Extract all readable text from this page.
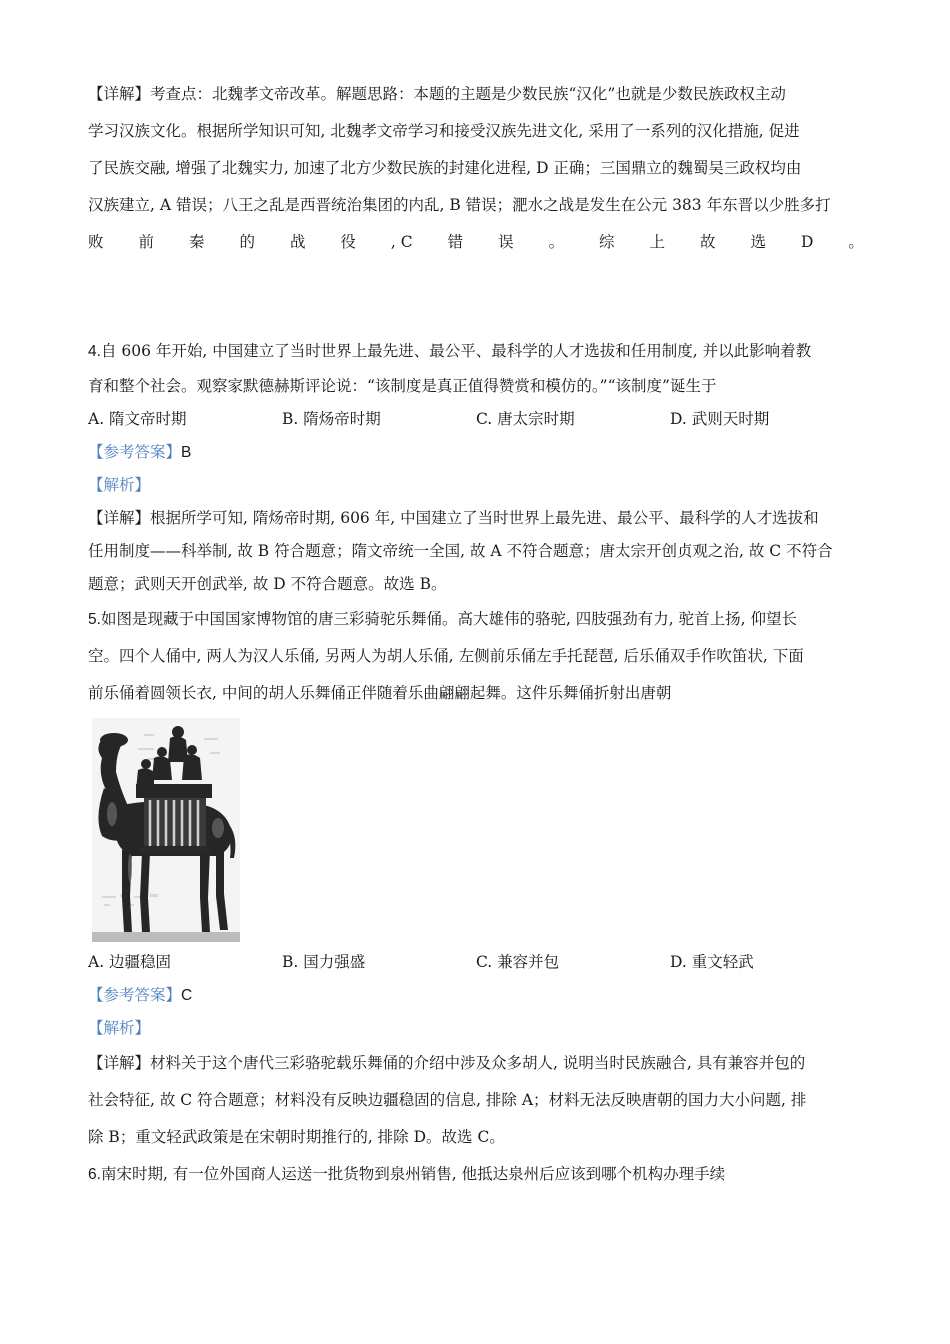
【详解】考查点：北魏孝文帝改革。解题思路：本题的主题是少数民族“汉化”也就是少数民族政权主动

学习汉族文化。根据所学知识可知, 北魏孝文帝学习和接受汉族先进文化, 采用了一系列的汉化措施, 促进

了民族交融, 增强了北魏实力, 加速了北方少数民族的封建化进程, D 正确；三国鼎立的魏蜀吴三政权均由

汉族建立, A 错误；八王之乱是西晋统治集团的内乱, B 错误；淝水之战是发生在公元 383 年东晋以少胜多打

败 前 秦 的 战 役 , C 错 误 。 综 上 故 选 D 。

4.自 606 年开始, 中国建立了当时世界上最先进、最公平、最科学的人才选拔和任用制度, 并以此影响着教

育和整个社会。观察家默德赫斯评论说：“该制度是真正值得赞赏和模仿的。”“该制度”诞生于

A. 隋文帝时期	B. 隋炀帝时期	C. 唐太宗时期	D. 武则天时期

【参考答案】B

【解析】

【详解】根据所学可知, 隋炀帝时期, 606 年, 中国建立了当时世界上最先进、最公平、最科学的人才选拔和

任用制度——科举制, 故 B 符合题意；隋文帝统一全国, 故 A 不符合题意；唐太宗开创贞观之治, 故 C 不符合

题意；武则天开创武举, 故 D 不符合题意。故选 B。

5.如图是现藏于中国国家博物馆的唐三彩骑驼乐舞俑。高大雄伟的骆驼, 四肢强劲有力, 驼首上扬, 仰望长

空。四个人俑中, 两人为汉人乐俑, 另两人为胡人乐俑, 左侧前乐俑左手托琵琶, 后乐俑双手作吹笛状, 下面

前乐俑着圆领长衣, 中间的胡人乐舞俑正伴随着乐曲翩翩起舞。这件乐舞俑折射出唐朝

A. 边疆稳固	B. 国力强盛	C. 兼容并包	D. 重文轻武

【参考答案】C

【解析】

【详解】材料关于这个唐代三彩骆驼载乐舞俑的介绍中涉及众多胡人, 说明当时民族融合, 具有兼容并包的

社会特征, 故 C 符合题意；材料没有反映边疆稳固的信息, 排除 A；材料无法反映唐朝的国力大小问题, 排

除 B；重文轻武政策是在宋朝时期推行的, 排除 D。故选 C。

6.南宋时期, 有一位外国商人运送一批货物到泉州销售, 他抵达泉州后应该到哪个机构办理手续
